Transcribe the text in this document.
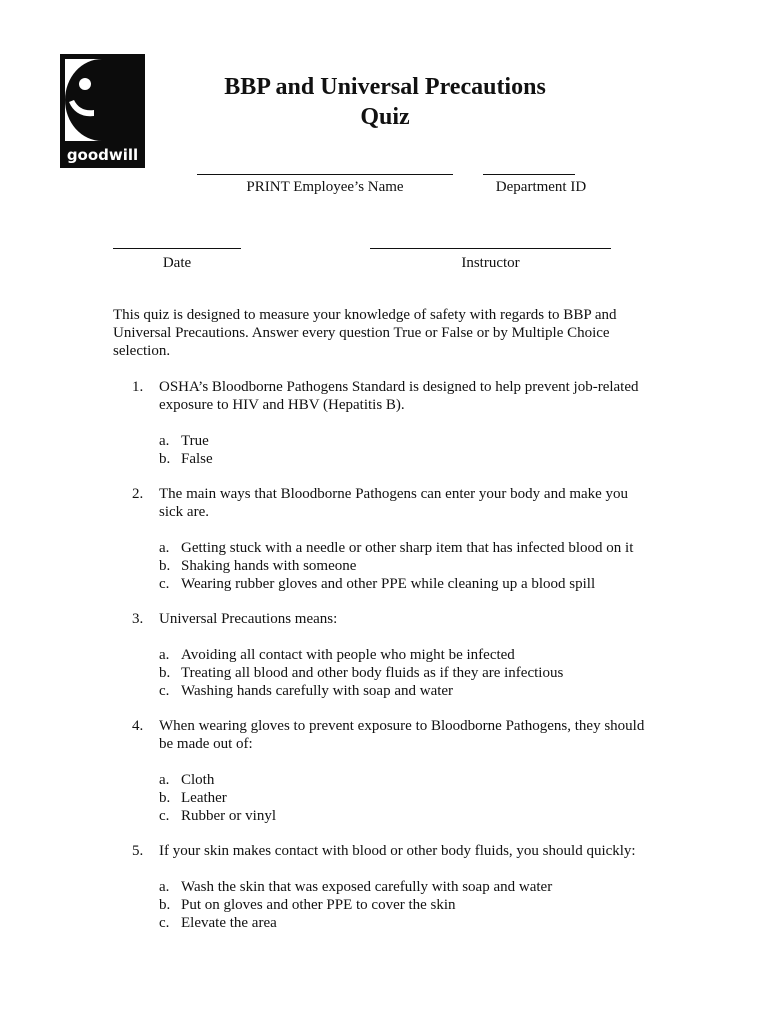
goodwill
BBP and Universal Precautions
Quiz
PRINT Employee’s Name	Department ID
Date	Instructor

This quiz is designed to measure your knowledge of safety with regards to BBP and Universal Precautions. Answer every question True or False or by Multiple Choice selection.

1.	OSHA’s Bloodborne Pathogens Standard is designed to help prevent job-related
exposure to HIV and HBV (Hepatitis B).
a. True
b. False
2.	The main ways that Bloodborne Pathogens can enter your body and make you
sick are.
a. Getting stuck with a needle or other sharp item that has infected blood on it
b. Shaking hands with someone
c. Wearing rubber gloves and other PPE while cleaning up a blood spill
3.	Universal Precautions means:
a. Avoiding all contact with people who might be infected
b. Treating all blood and other body fluids as if they are infectious
c. Washing hands carefully with soap and water
4.	When wearing gloves to prevent exposure to Bloodborne Pathogens, they should
be made out of:
a. Cloth
b. Leather
c. Rubber or vinyl
5.	If your skin makes contact with blood or other body fluids, you should quickly:
a. Wash the skin that was exposed carefully with soap and water
b. Put on gloves and other PPE to cover the skin
c. Elevate the area
